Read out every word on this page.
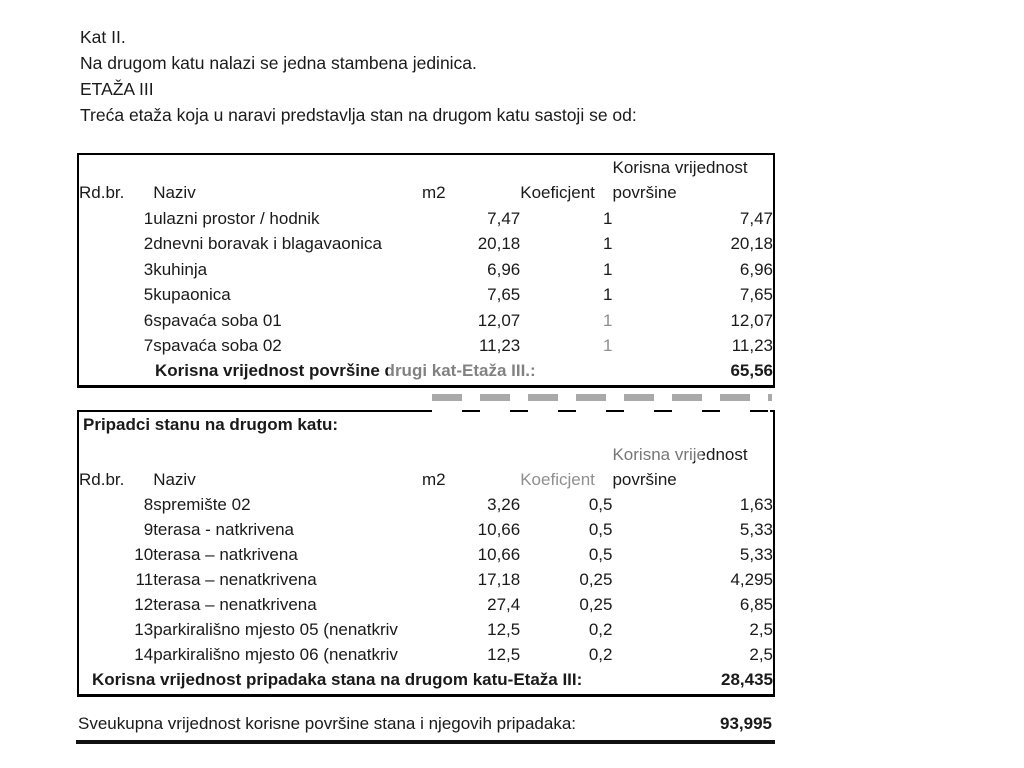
Kat II.
Na drugom katu nalazi se jedna stambena jedinica.
ETAŽA III
Treća etaža koja u naravi predstavlja stan na drugom katu sastoji se od:
				Korisna vrijednost
Rd.br.	Naziv	m2	Koeficjent	površine
1	ulazni prostor / hodnik	7,47	1	7,47
2	dnevni boravak i blagavaonica	20,18	1	20,18
3	kuhinja	6,96	1	6,96
5	kupaonica	7,65	1	7,65
6	spavaća soba 01	12,07	1	12,07
7	spavaća soba 02	11,23	1	11,23
Korisna vrijednost površine drugi kat-Etaža III.:				65,56
Pripadci stanu na drugom katu:				
				Korisna vrijednost
Rd.br.	Naziv	m2	Koeficjent	površine
8	spremište 02	3,26	0,5	1,63
9	terasa - natkrivena	10,66	0,5	5,33
10	terasa – natkrivena	10,66	0,5	5,33
11	terasa – nenatkrivena	17,18	0,25	4,295
12	terasa – nenatkrivena	27,4	0,25	6,85
13	parkirališno mjesto 05 (nenatkriv	12,5	0,2	2,5
14	parkirališno mjesto 06 (nenatkriv	12,5	0,2	2,5
Korisna vrijednost pripadaka stana na drugom katu-Etaža III:				28,435
Sveukupna vrijednost korisne površine stana i njegovih pripadaka:	93,995
